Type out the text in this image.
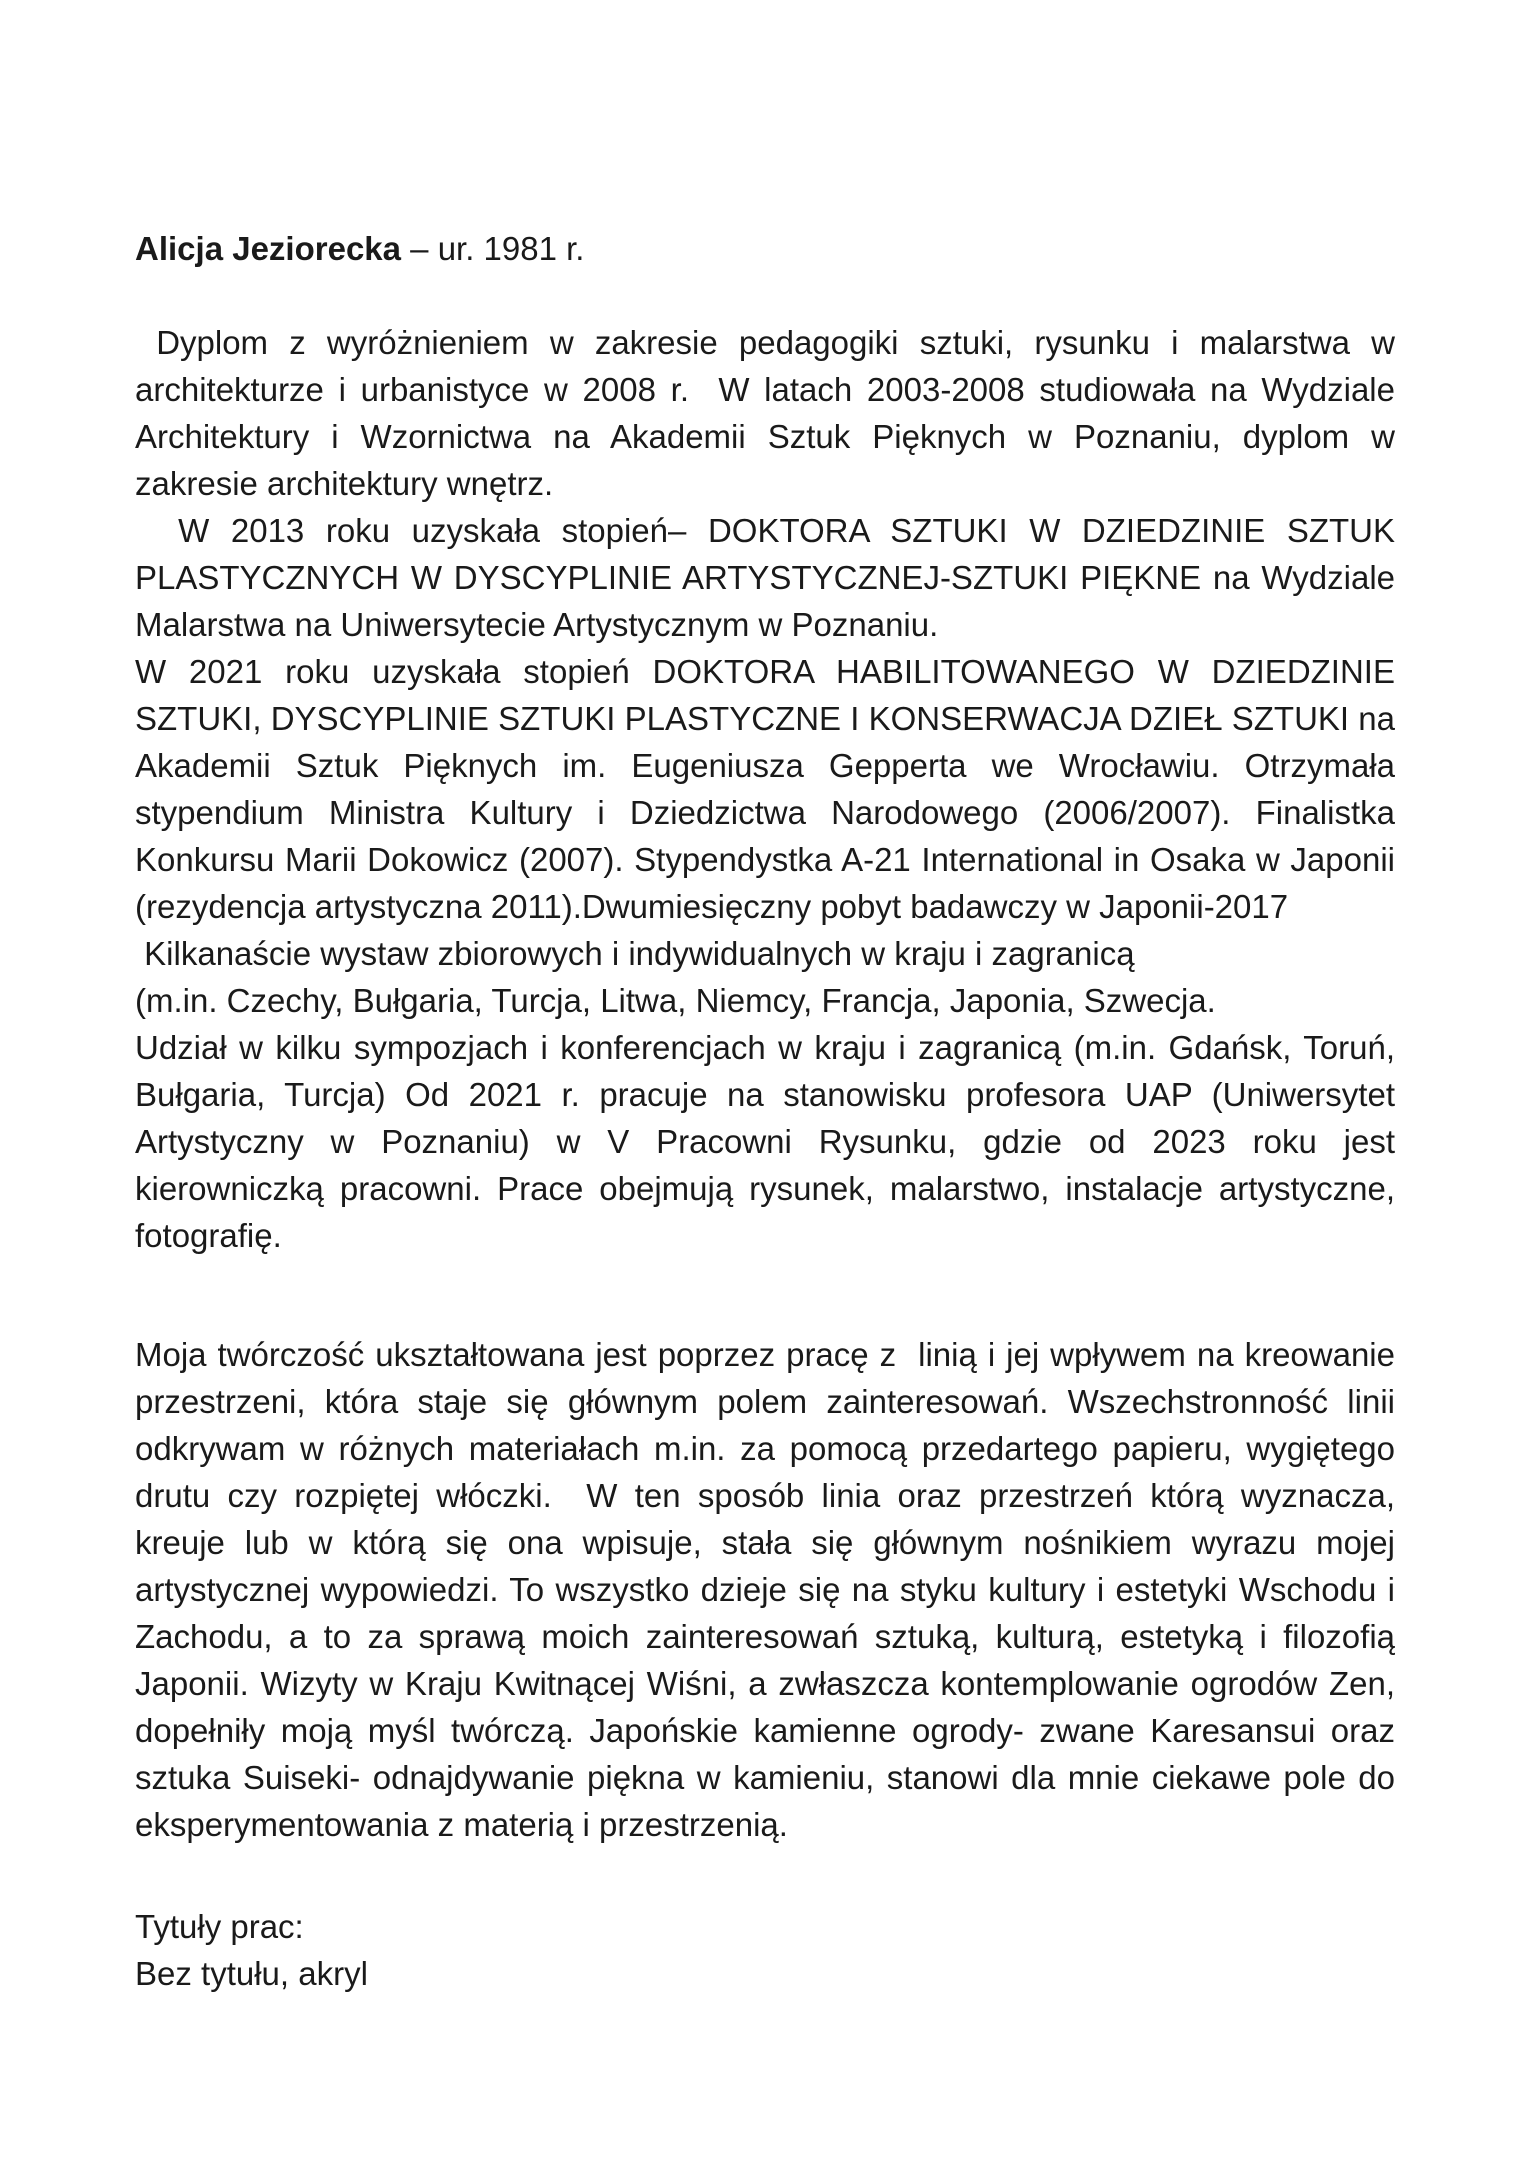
Alicja Jeziorecka – ur. 1981 r.

Dyplom z wyróżnieniem w zakresie pedagogiki sztuki, rysunku i malarstwa w architekturze i urbanistyce w 2008 r.  W latach 2003-2008 studiowała na Wydziale Architektury i Wzornictwa na Akademii Sztuk Pięknych w Poznaniu, dyplom w zakresie architektury wnętrz.

W 2013 roku uzyskała stopień– DOKTORA SZTUKI W DZIEDZINIE SZTUK PLASTYCZNYCH W DYSCYPLINIE ARTYSTYCZNEJ-SZTUKI PIĘKNE na Wydziale Malarstwa na Uniwersytecie Artystycznym w Poznaniu.

W 2021 roku uzyskała stopień DOKTORA HABILITOWANEGO W DZIEDZINIE SZTUKI, DYSCYPLINIE SZTUKI PLASTYCZNE I KONSERWACJA DZIEŁ SZTUKI na Akademii Sztuk Pięknych im. Eugeniusza Gepperta we Wrocławiu. Otrzymała stypendium Ministra Kultury i Dziedzictwa Narodowego (2006/2007). Finalistka Konkursu Marii Dokowicz (2007). Stypendystka A-21 International in Osaka w Japonii (rezydencja artystyczna 2011).Dwumiesięczny pobyt badawczy w Japonii-2017

Kilkanaście wystaw zbiorowych i indywidualnych w kraju i zagranicą

(m.in. Czechy, Bułgaria, Turcja, Litwa, Niemcy, Francja, Japonia, Szwecja.

Udział w kilku sympozjach i konferencjach w kraju i zagranicą (m.in. Gdańsk, Toruń, Bułgaria, Turcja) Od 2021 r. pracuje na stanowisku profesora UAP (Uniwersytet Artystyczny w Poznaniu) w V Pracowni Rysunku, gdzie od 2023 roku jest kierowniczką pracowni. Prace obejmują rysunek, malarstwo, instalacje artystyczne, fotografię.

Moja twórczość ukształtowana jest poprzez pracę z  linią i jej wpływem na kreowanie przestrzeni, która staje się głównym polem zainteresowań. Wszechstronność linii odkrywam w różnych materiałach m.in. za pomocą przedartego papieru, wygiętego drutu czy rozpiętej włóczki.  W ten sposób linia oraz przestrzeń którą wyznacza, kreuje lub w którą się ona wpisuje, stała się głównym nośnikiem wyrazu mojej artystycznej wypowiedzi. To wszystko dzieje się na styku kultury i estetyki Wschodu i  Zachodu, a to za sprawą moich zainteresowań sztuką, kulturą, estetyką i filozofią Japonii. Wizyty w Kraju Kwitnącej Wiśni, a zwłaszcza kontemplowanie ogrodów Zen, dopełniły moją myśl twórczą. Japońskie kamienne ogrody- zwane Karesansui oraz sztuka Suiseki- odnajdywanie piękna w kamieniu, stanowi dla mnie ciekawe pole do eksperymentowania z materią i przestrzenią.

Tytuły prac:

Bez tytułu, akryl
